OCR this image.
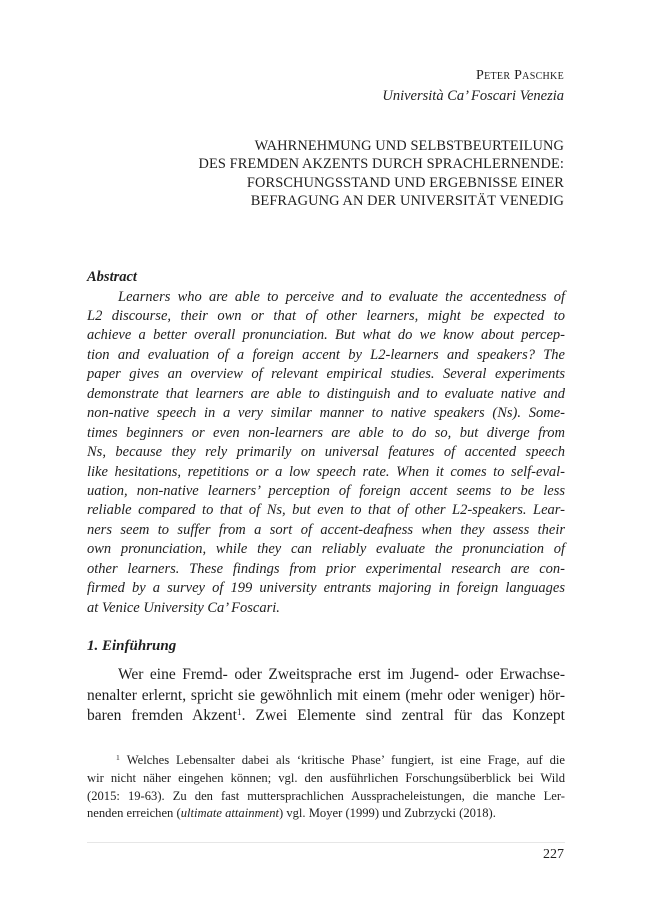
Peter Paschke
Università Ca’ Foscari Venezia
WAHRNEHMUNG UND SELBSTBEURTEILUNG
DES FREMDEN AKZENTS DURCH SPRACHLERNENDE:
FORSCHUNGSSTAND UND ERGEBNISSE EINER
BEFRAGUNG AN DER UNIVERSITÄT VENEDIG
Abstract
Learners who are able to perceive and to evaluate the accentedness of
L2 discourse, their own or that of other learners, might be expected to
achieve a better overall pronunciation. But what do we know about percep-
tion and evaluation of a foreign accent by L2-learners and speakers? The
paper gives an overview of relevant empirical studies. Several experiments
demonstrate that learners are able to distinguish and to evaluate native and
non-native speech in a very similar manner to native speakers (Ns). Some-
times beginners or even non-learners are able to do so, but diverge from
Ns, because they rely primarily on universal features of accented speech
like hesitations, repetitions or a low speech rate. When it comes to self-eval-
uation, non-native learners’ perception of foreign accent seems to be less
reliable compared to that of Ns, but even to that of other L2-speakers. Lear-
ners seem to suffer from a sort of accent-deafness when they assess their
own pronunciation, while they can reliably evaluate the pronunciation of
other learners. These findings from prior experimental research are con-
firmed by a survey of 199 university entrants majoring in foreign languages
at Venice University Ca’ Foscari.
1. Einführung
Wer eine Fremd- oder Zweitsprache erst im Jugend- oder Erwachse-
nenalter erlernt, spricht sie gewöhnlich mit einem (mehr oder weniger) hör-
baren fremden Akzent$^1$. Zwei Elemente sind zentral für das Konzept
$^1$ Welches Lebensalter dabei als ‘kritische Phase’ fungiert, ist eine Frage, auf die
wir nicht näher eingehen können; vgl. den ausführlichen Forschungsüberblick bei Wild
(2015: 19-63). Zu den fast muttersprachlichen Ausspracheleistungen, die manche Ler-
nenden erreichen (ultimate attainment) vgl. Moyer (1999) und Zubrzycki (2018).
227
